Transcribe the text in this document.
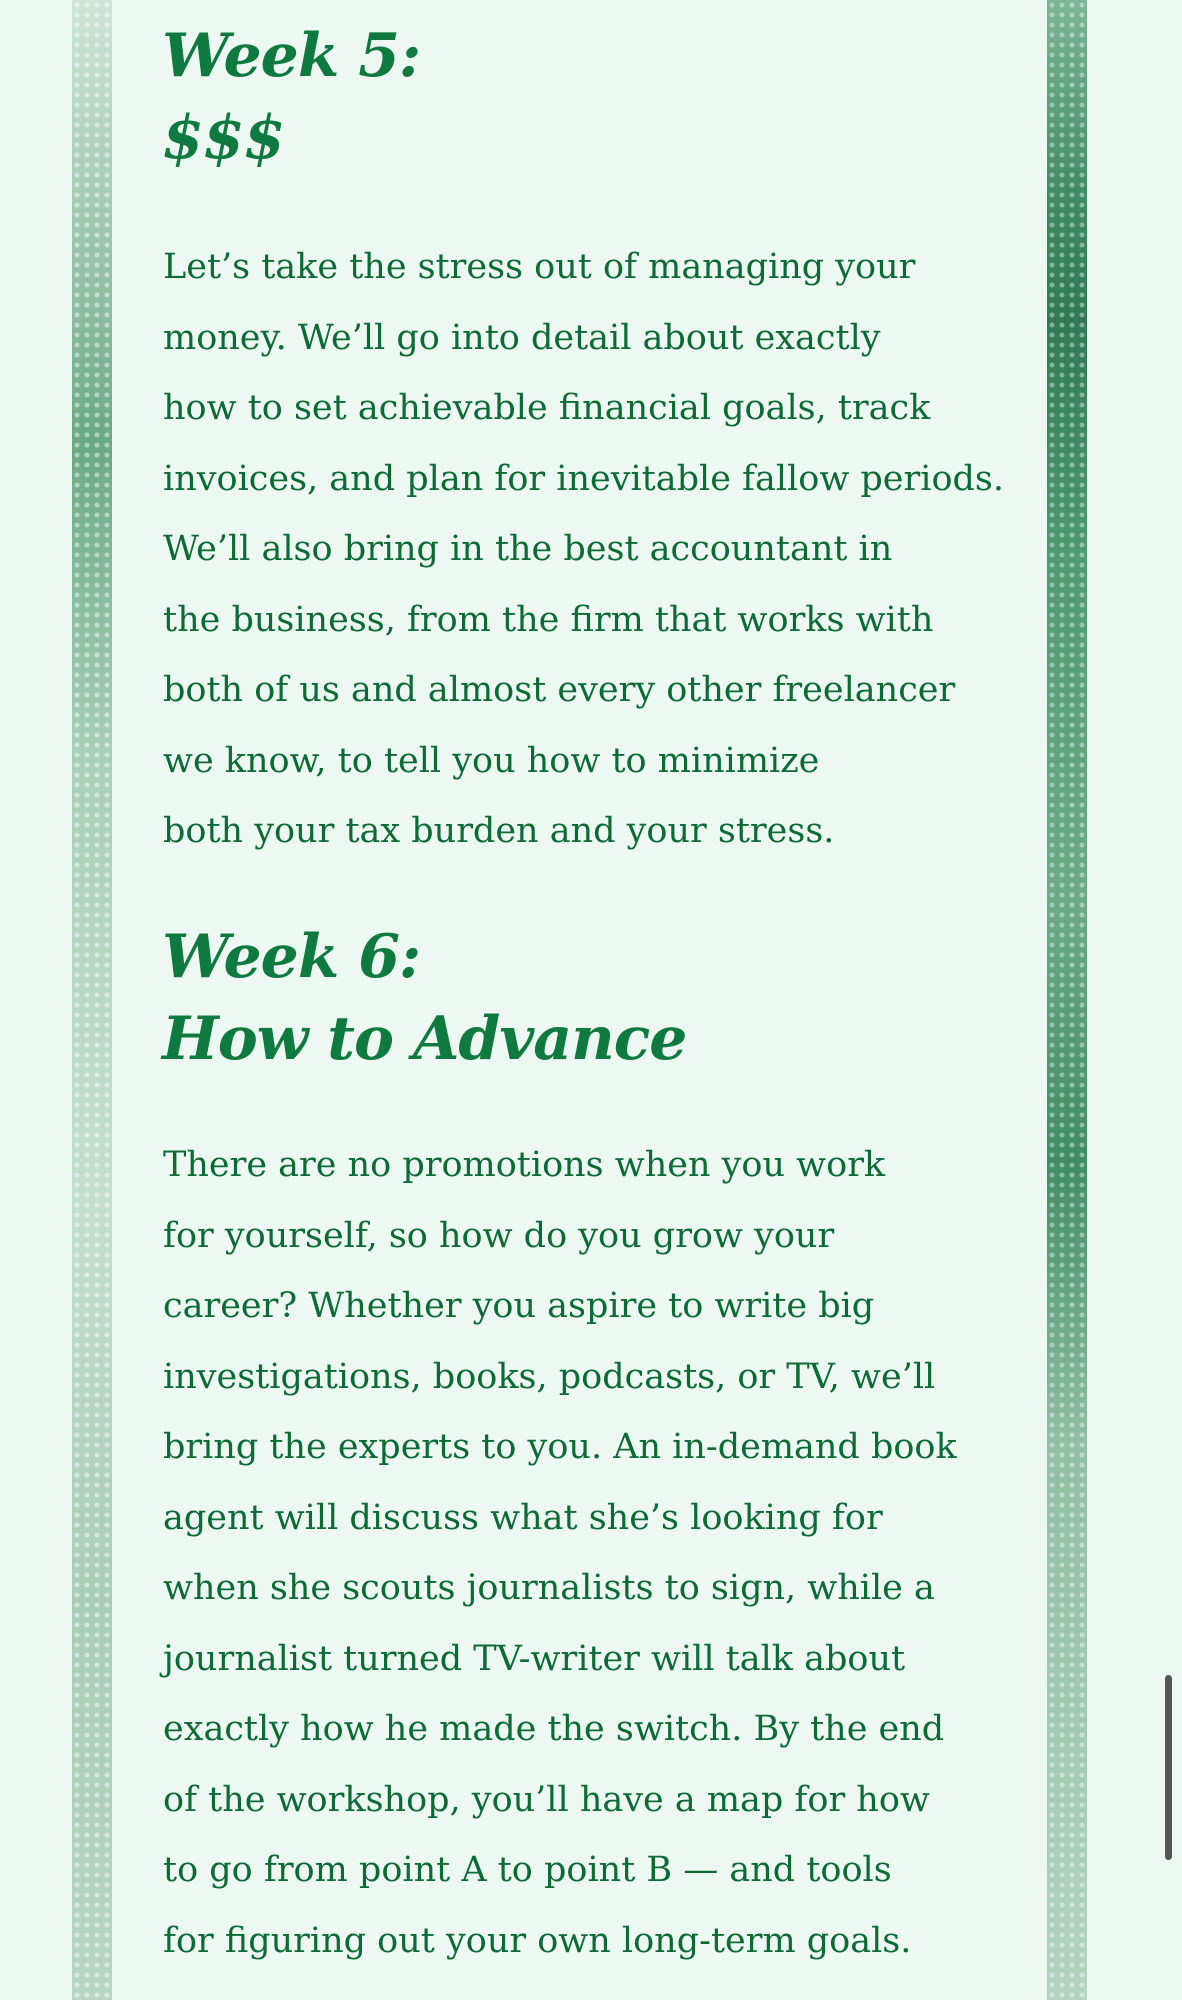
Week 5:
$$$

Let’s take the stress out of managing your
money. We’ll go into detail about exactly
how to set achievable financial goals, track
invoices, and plan for inevitable fallow periods.
We’ll also bring in the best accountant in
the business, from the firm that works with
both of us and almost every other freelancer
we know, to tell you how to minimize
both your tax burden and your stress.

Week 6:
How to Advance

There are no promotions when you work
for yourself, so how do you grow your
career? Whether you aspire to write big
investigations, books, podcasts, or TV, we’ll
bring the experts to you. An in-demand book
agent will discuss what she’s looking for
when she scouts journalists to sign, while a
journalist turned TV-writer will talk about
exactly how he made the switch. By the end
of the workshop, you’ll have a map for how
to go from point A to point B — and tools
for figuring out your own long-term goals.
